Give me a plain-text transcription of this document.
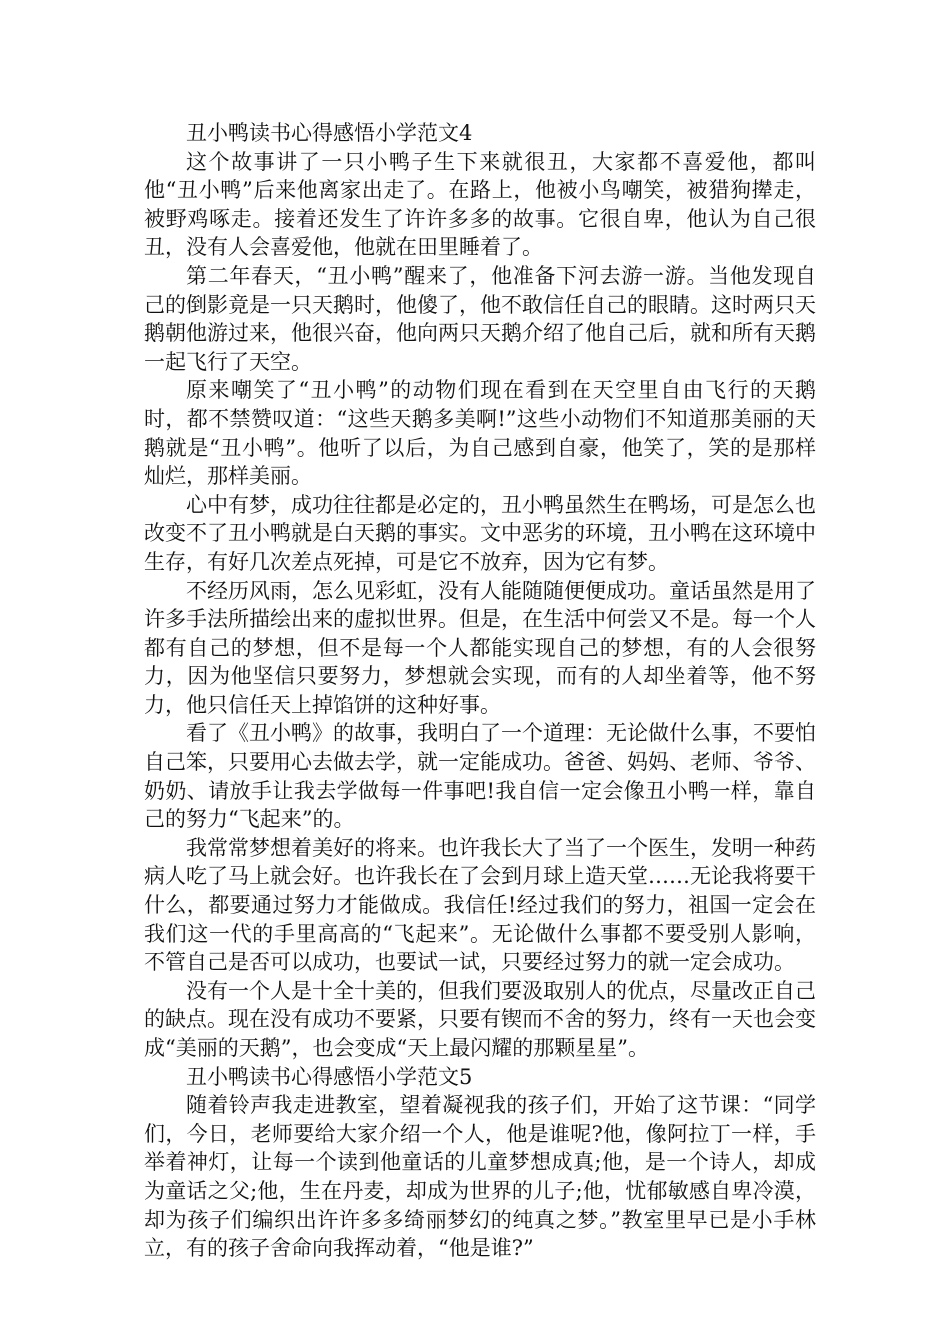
丑小鸭读书心得感悟小学范文4

这个故事讲了一只小鸭子生下来就很丑，大家都不喜爱他，都叫他“丑小鸭”后来他离家出走了。在路上，他被小鸟嘲笑，被猎狗撵走，被野鸡啄走。接着还发生了许许多多的故事。它很自卑，他认为自己很丑，没有人会喜爱他，他就在田里睡着了。

第二年春天，“丑小鸭”醒来了，他准备下河去游一游。当他发现自己的倒影竟是一只天鹅时，他傻了，他不敢信任自己的眼睛。这时两只天鹅朝他游过来，他很兴奋，他向两只天鹅介绍了他自己后，就和所有天鹅一起飞行了天空。

原来嘲笑了“丑小鸭”的动物们现在看到在天空里自由飞行的天鹅时，都不禁赞叹道：“这些天鹅多美啊!”这些小动物们不知道那美丽的天鹅就是“丑小鸭”。他听了以后，为自己感到自豪，他笑了，笑的是那样灿烂，那样美丽。

心中有梦，成功往往都是必定的，丑小鸭虽然生在鸭场，可是怎么也改变不了丑小鸭就是白天鹅的事实。文中恶劣的环境，丑小鸭在这环境中生存，有好几次差点死掉，可是它不放弃，因为它有梦。

不经历风雨，怎么见彩虹，没有人能随随便便成功。童话虽然是用了许多手法所描绘出来的虚拟世界。但是，在生活中何尝又不是。每一个人都有自己的梦想，但不是每一个人都能实现自己的梦想，有的人会很努力，因为他坚信只要努力，梦想就会实现，而有的人却坐着等，他不努力，他只信任天上掉馅饼的这种好事。

看了《丑小鸭》的故事，我明白了一个道理：无论做什么事，不要怕自己笨，只要用心去做去学，就一定能成功。爸爸、妈妈、老师、爷爷、奶奶、请放手让我去学做每一件事吧!我自信一定会像丑小鸭一样，靠自己的努力“飞起来”的。

我常常梦想着美好的将来。也许我长大了当了一个医生，发明一种药病人吃了马上就会好。也许我长在了会到月球上造天堂……无论我将要干什么，都要通过努力才能做成。我信任!经过我们的努力，祖国一定会在我们这一代的手里高高的“飞起来”。无论做什么事都不要受别人影响，不管自己是否可以成功，也要试一试，只要经过努力的就一定会成功。

没有一个人是十全十美的，但我们要汲取别人的优点，尽量改正自己的缺点。现在没有成功不要紧，只要有锲而不舍的努力，终有一天也会变成“美丽的天鹅”，也会变成“天上最闪耀的那颗星星”。

丑小鸭读书心得感悟小学范文5

随着铃声我走进教室，望着凝视我的孩子们，开始了这节课：“同学们，今日，老师要给大家介绍一个人，他是谁呢?他，像阿拉丁一样，手举着神灯，让每一个读到他童话的儿童梦想成真;他，是一个诗人，却成为童话之父;他，生在丹麦，却成为世界的儿子;他，忧郁敏感自卑冷漠，却为孩子们编织出许许多多绮丽梦幻的纯真之梦。”教室里早已是小手林立，有的孩子舍命向我挥动着，“他是谁?”
